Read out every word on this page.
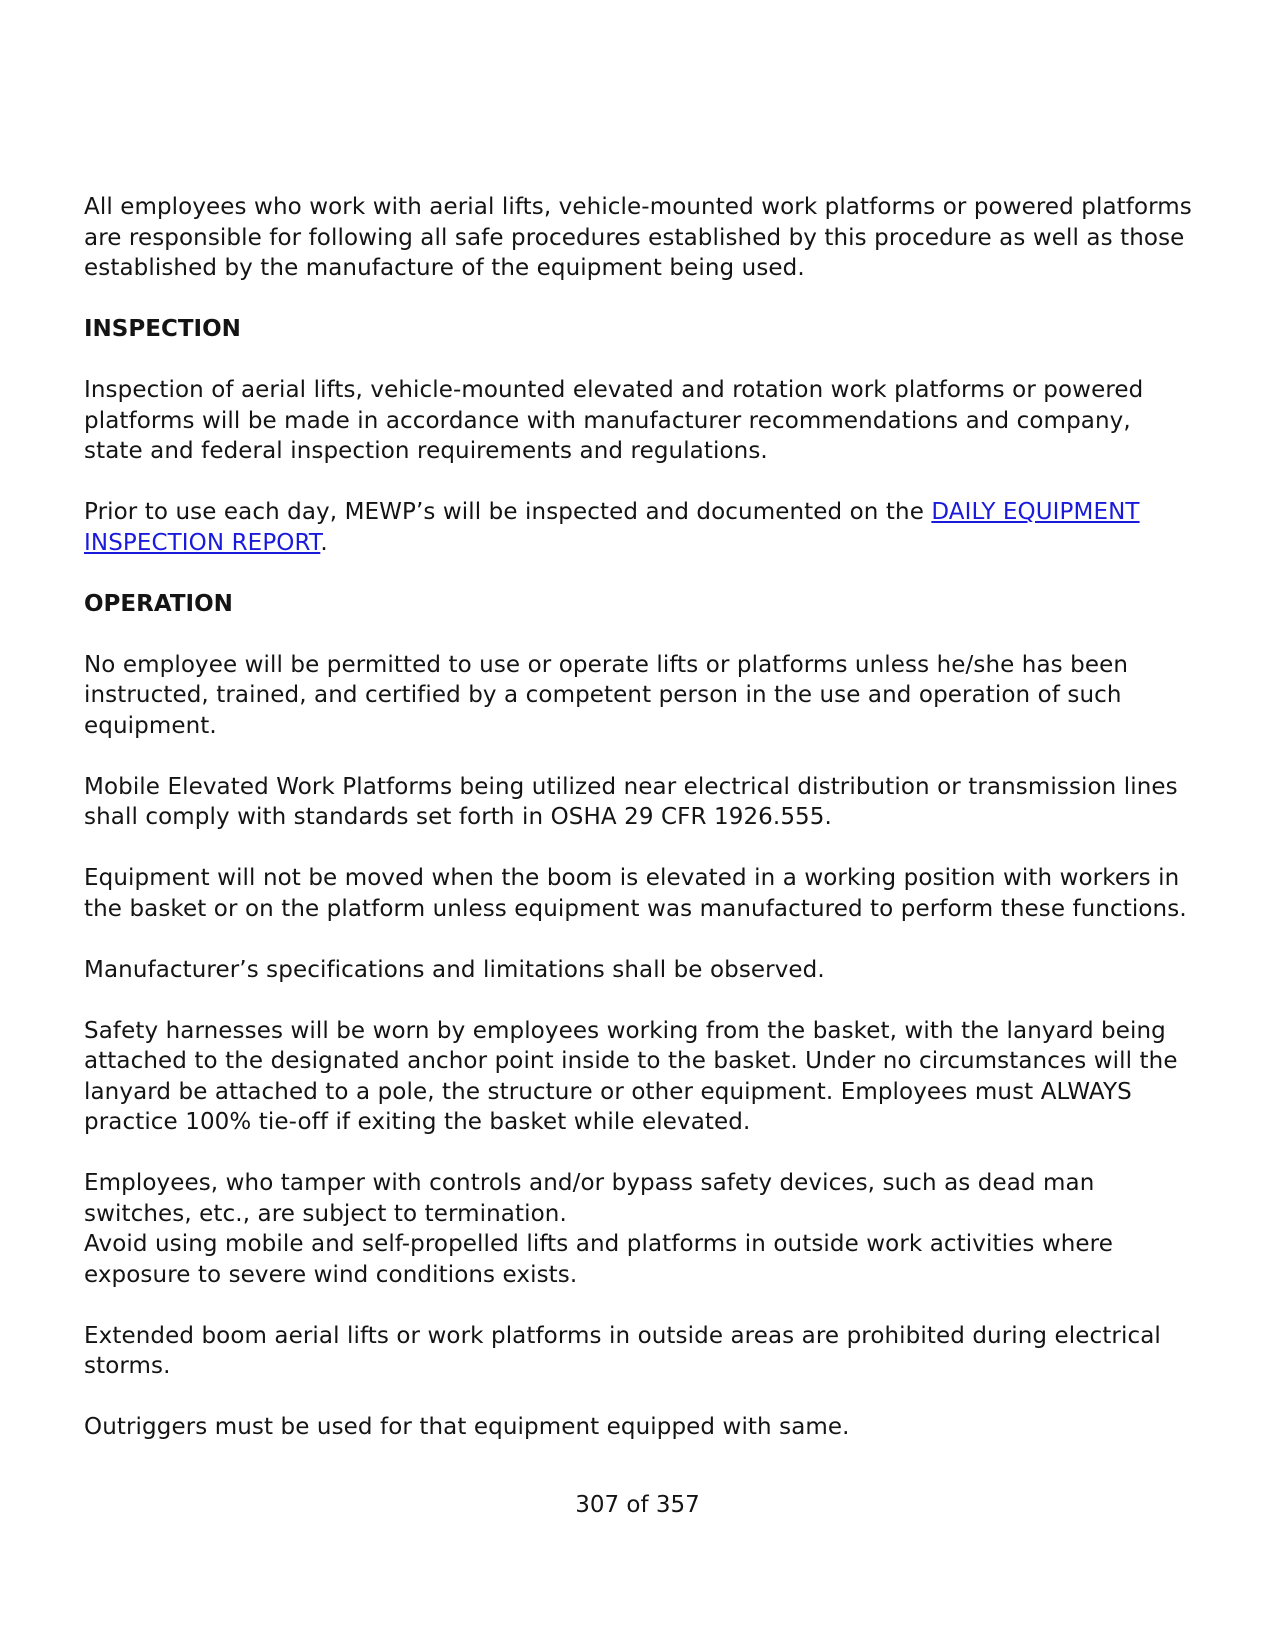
All employees who work with aerial lifts, vehicle-mounted work platforms or powered platforms are responsible for following all safe procedures established by this procedure as well as those established by the manufacture of the equipment being used.

INSPECTION

Inspection of aerial lifts, vehicle-mounted elevated and rotation work platforms or powered platforms will be made in accordance with manufacturer recommendations and company, state and federal inspection requirements and regulations.

Prior to use each day, MEWP’s will be inspected and documented on the DAILY EQUIPMENT INSPECTION REPORT.

OPERATION

No employee will be permitted to use or operate lifts or platforms unless he/she has been instructed, trained, and certified by a competent person in the use and operation of such equipment.

Mobile Elevated Work Platforms being utilized near electrical distribution or transmission lines shall comply with standards set forth in OSHA 29 CFR 1926.555.

Equipment will not be moved when the boom is elevated in a working position with workers in the basket or on the platform unless equipment was manufactured to perform these functions.

Manufacturer’s specifications and limitations shall be observed.

Safety harnesses will be worn by employees working from the basket, with the lanyard being attached to the designated anchor point inside to the basket. Under no circumstances will the lanyard be attached to a pole, the structure or other equipment. Employees must ALWAYS practice 100% tie-off if exiting the basket while elevated.

Employees, who tamper with controls and/or bypass safety devices, such as dead man switches, etc., are subject to termination.

Avoid using mobile and self-propelled lifts and platforms in outside work activities where exposure to severe wind conditions exists.

Extended boom aerial lifts or work platforms in outside areas are prohibited during electrical storms.

Outriggers must be used for that equipment equipped with same.

307 of 357
